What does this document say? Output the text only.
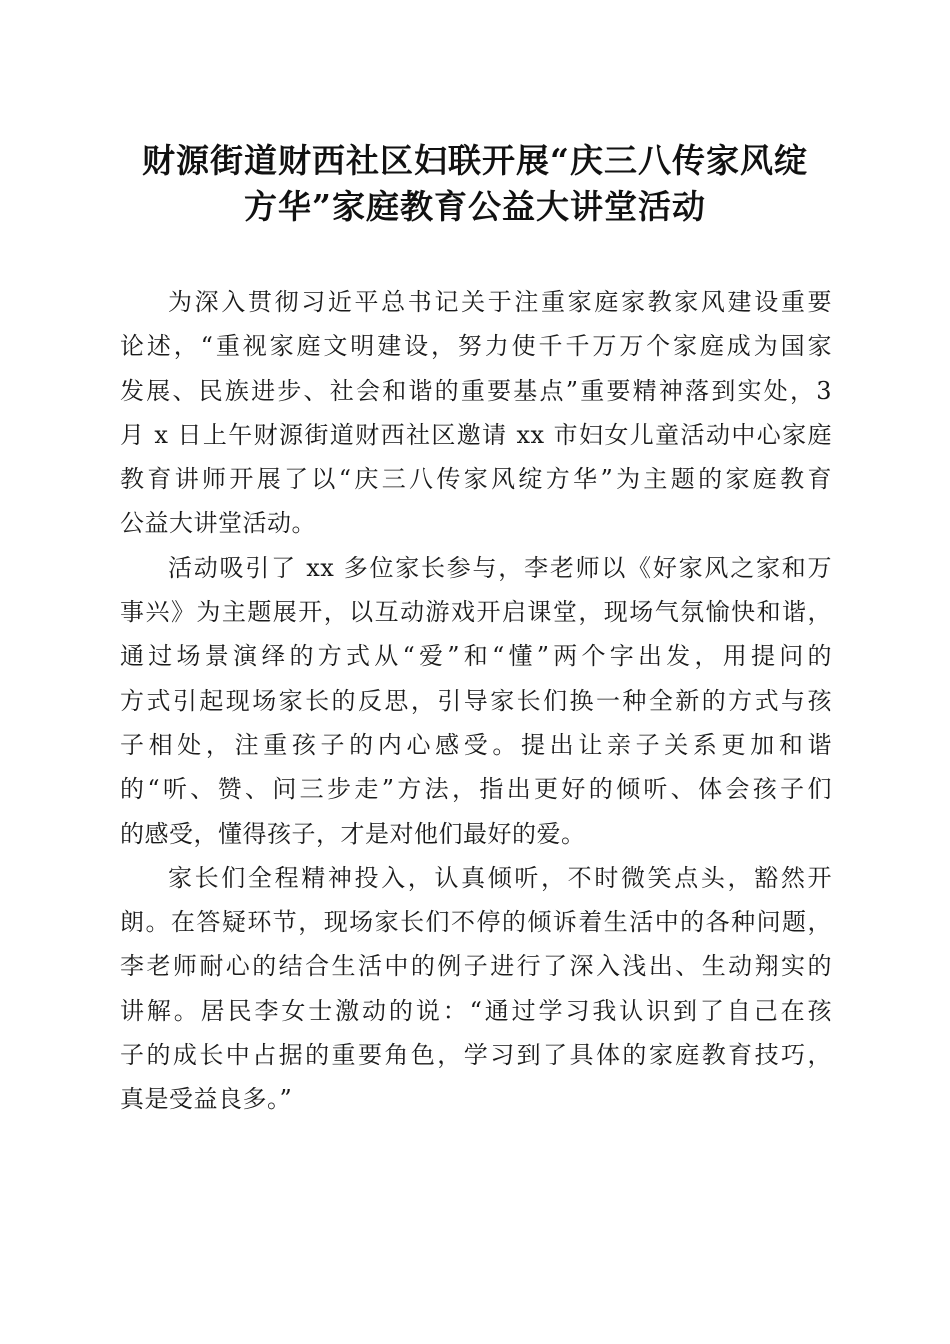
财源街道财西社区妇联开展“庆三八传家风绽
方华”家庭教育公益大讲堂活动
为深入贯彻习近平总书记关于注重家庭家教家风建设重要
论述，“重视家庭文明建设，努力使千千万万个家庭成为国家
发展、民族进步、社会和谐的重要基点”重要精神落到实处，3
月 x 日上午财源街道财西社区邀请 xx 市妇女儿童活动中心家庭
教育讲师开展了以“庆三八传家风绽方华”为主题的家庭教育
公益大讲堂活动。
活动吸引了 xx 多位家长参与，李老师以《好家风之家和万
事兴》为主题展开，以互动游戏开启课堂，现场气氛愉快和谐，
通过场景演绎的方式从“爱”和“懂”两个字出发，用提问的
方式引起现场家长的反思，引导家长们换一种全新的方式与孩
子相处，注重孩子的内心感受。提出让亲子关系更加和谐
的“听、赞、问三步走”方法，指出更好的倾听、体会孩子们
的感受，懂得孩子，才是对他们最好的爱。
家长们全程精神投入，认真倾听，不时微笑点头，豁然开
朗。在答疑环节，现场家长们不停的倾诉着生活中的各种问题，
李老师耐心的结合生活中的例子进行了深入浅出、生动翔实的
讲解。居民李女士激动的说：“通过学习我认识到了自己在孩
子的成长中占据的重要角色，学习到了具体的家庭教育技巧，
真是受益良多。”
